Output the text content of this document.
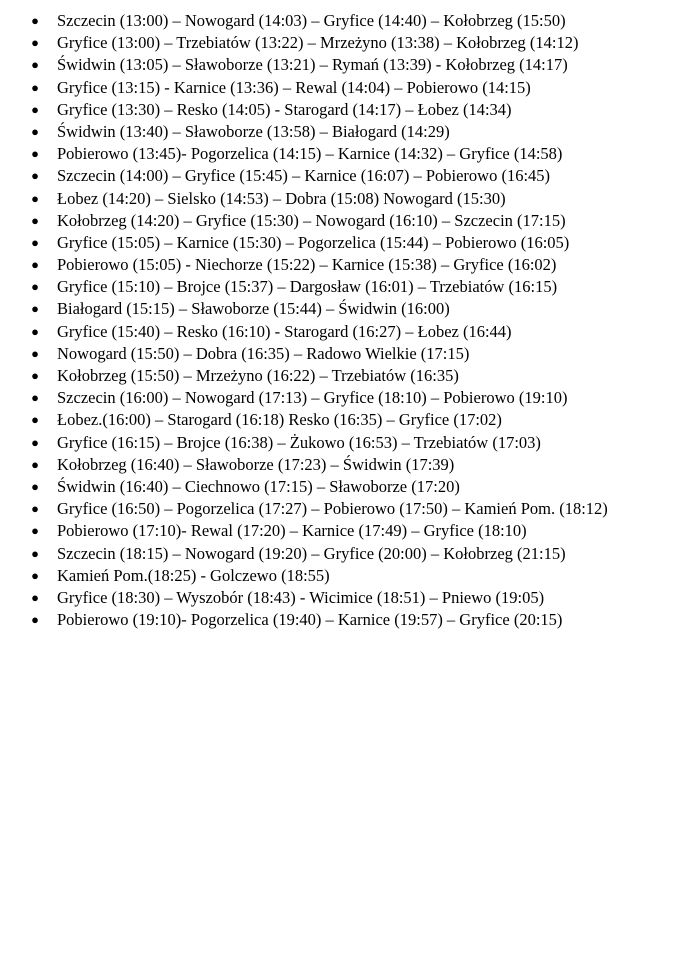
● Szczecin (13:00) – Nowogard (14:03) – Gryfice (14:40) – Kołobrzeg (15:50)
● Gryfice (13:00) – Trzebiatów (13:22) – Mrzeżyno (13:38) – Kołobrzeg (14:12)
● Świdwin (13:05) – Sławoborze (13:21) – Rymań (13:39) - Kołobrzeg (14:17)
● Gryfice (13:15) - Karnice (13:36) – Rewal (14:04) – Pobierowo (14:15)
● Gryfice (13:30) – Resko (14:05) - Starogard (14:17) – Łobez (14:34)
● Świdwin (13:40) – Sławoborze (13:58) – Białogard (14:29)
● Pobierowo (13:45)- Pogorzelica (14:15) – Karnice (14:32) – Gryfice (14:58)
● Szczecin (14:00) – Gryfice (15:45) – Karnice (16:07) – Pobierowo (16:45)
● Łobez (14:20) – Sielsko (14:53) – Dobra (15:08) Nowogard (15:30)
● Kołobrzeg (14:20) – Gryfice (15:30) – Nowogard (16:10) – Szczecin (17:15)
● Gryfice (15:05) – Karnice (15:30) – Pogorzelica (15:44) – Pobierowo (16:05)
● Pobierowo (15:05) - Niechorze (15:22) – Karnice (15:38) – Gryfice (16:02)
● Gryfice (15:10) – Brojce (15:37) – Dargosław (16:01) – Trzebiatów (16:15)
● Białogard (15:15) – Sławoborze (15:44) – Świdwin (16:00)
● Gryfice (15:40) – Resko (16:10) - Starogard (16:27) – Łobez (16:44)
● Nowogard (15:50) – Dobra (16:35) – Radowo Wielkie (17:15)
● Kołobrzeg (15:50) – Mrzeżyno (16:22) – Trzebiatów (16:35)
● Szczecin (16:00) – Nowogard (17:13) – Gryfice (18:10) – Pobierowo (19:10)
● Łobez.(16:00) – Starogard (16:18) Resko (16:35) – Gryfice (17:02)
● Gryfice (16:15) – Brojce (16:38) – Żukowo (16:53) – Trzebiatów (17:03)
● Kołobrzeg (16:40) – Sławoborze (17:23) – Świdwin (17:39)
● Świdwin (16:40) – Ciechnowo (17:15) – Sławoborze (17:20)
● Gryfice (16:50) – Pogorzelica (17:27) – Pobierowo (17:50) – Kamień Pom. (18:12)
● Pobierowo (17:10)- Rewal (17:20) – Karnice (17:49) – Gryfice (18:10)
● Szczecin (18:15) – Nowogard (19:20) – Gryfice (20:00) – Kołobrzeg (21:15)
● Kamień Pom.(18:25) - Golczewo (18:55)
● Gryfice (18:30) – Wyszobór (18:43) - Wicimice (18:51) – Pniewo (19:05)
● Pobierowo (19:10)- Pogorzelica (19:40) – Karnice (19:57) – Gryfice (20:15)
